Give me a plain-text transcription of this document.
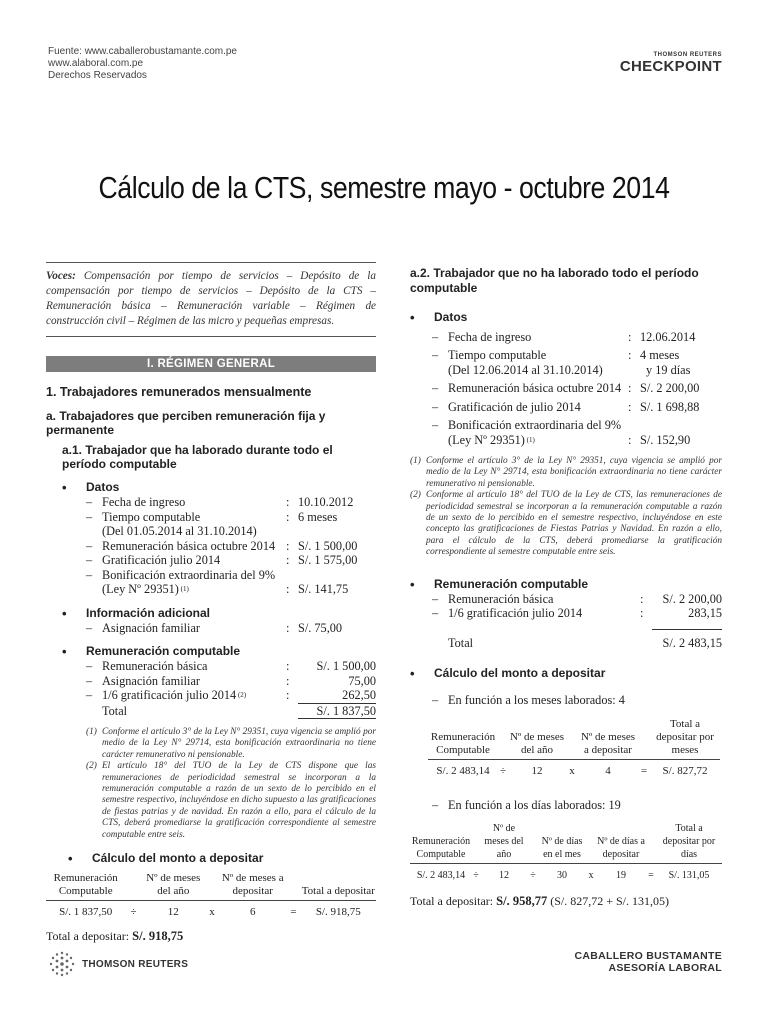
Fuente: www.caballerobustamante.com.pe
www.alaboral.com.pe
Derechos Reservados
THOMSON REUTERS
CHECKPOINT
Cálculo de la CTS, semestre mayo - octubre 2014
Voces: Compensación por tiempo de servicios – Depósito de la compensación por tiempo de servicios – Depósito de la CTS – Remuneración básica – Remuneración variable – Régimen de construcción civil – Régimen de las micro y pequeñas empresas.
I. RÉGIMEN GENERAL
1. Trabajadores remunerados mensualmente
a. Trabajadores que perciben remuneración fija y permanente
a.1. Trabajador que ha laborado durante todo el período computable
•	Datos
– Fecha de ingreso	: 10.10.2012
– Tiempo computable	: 6 meses
(Del 01.05.2014 al 31.10.2014)
– Remuneración básica octubre 2014 : S/. 1 500,00
– Gratificación julio 2014	: S/. 1 575,00
– Bonificación extraordinaria del 9%
(Ley Nº 29351) (1)	: S/. 141,75
•	Información adicional
– Asignación familiar	: S/. 75,00
•	Remuneración computable
– Remuneración básica	:	S/. 1 500,00
– Asignación familiar	:	75,00
– 1/6 gratificación julio 2014 (2)	:	262,50
Total	S/. 1 837,50
(1) Conforme el artículo 3° de la Ley N° 29351, cuya vigencia se amplió por medio de la Ley N° 29714, esta bonificación extraordinaria no tiene carácter remunerativo ni pensionable.
(2) El artículo 18° del TUO de la Ley de CTS dispone que las remuneraciones de periodicidad semestral se incorporan a la remuneración computable a razón de un sexto de lo percibido en el semestre respectivo, incluyéndose en dicho supuesto a las gratificaciones de fiestas patrias y de navidad. En razón a ello, para el cálculo de la CTS, deberá promediarse la gratificación correspondiente al semestre computable entre seis.
•	Cálculo del monto a depositar
Remuneración Computable		Nº de meses del año		Nº de meses a depositar		Total a depositar
S/. 1 837,50	÷	12	x	6	=	S/. 918,75
Total a depositar: S/. 918,75
a.2. Trabajador que no ha laborado todo el período computable
•	Datos
– Fecha de ingreso	: 12.06.2014
– Tiempo computable	: 4 meses
(Del 12.06.2014 al 31.10.2014)	y 19 días
– Remuneración básica octubre 2014 : S/. 2 200,00
– Gratificación de julio 2014	: S/. 1 698,88
– Bonificación extraordinaria del 9%
(Ley Nº 29351) (1)	: S/. 152,90
(1) Conforme el artículo 3° de la Ley N° 29351, cuya vigencia se amplió por medio de la Ley N° 29714, esta bonificación extraordinaria no tiene carácter remunerativo ni pensionable.
(2) Conforme al artículo 18° del TUO de la Ley de CTS, las remuneraciones de periodicidad semestral se incorporan a la remuneración computable a razón de un sexto de lo percibido en el semestre respectivo, incluyéndose en este concepto las gratificaciones de Fiestas Patrias y Navidad. En razón a ello, para el cálculo de la CTS, deberá promediarse la gratificación correspondiente al semestre computable entre seis.
•	Remuneración computable
– Remuneración básica	:	S/. 2 200,00
– 1/6 gratificación julio 2014	:	283,15
Total	S/. 2 483,15
•	Cálculo del monto a depositar
– En función a los meses laborados: 4
Remuneración Computable		Nº de meses del año		Nº de meses a depositar		Total a depositar por meses
S/. 2 483,14	÷	12	x	4	=	S/. 827,72
– En función a los días laborados: 19
Remuneración Computable		Nº de meses del año		Nº de días en el mes		Nº de días a depositar		Total a depositar por días
S/. 2 483,14	÷	12	÷	30	x	19	=	S/. 131,05
Total a depositar: S/. 958,77 (S/. 827,72 + S/. 131,05)
THOMSON REUTERS
CABALLERO BUSTAMANTE
ASESORÍA LABORAL
